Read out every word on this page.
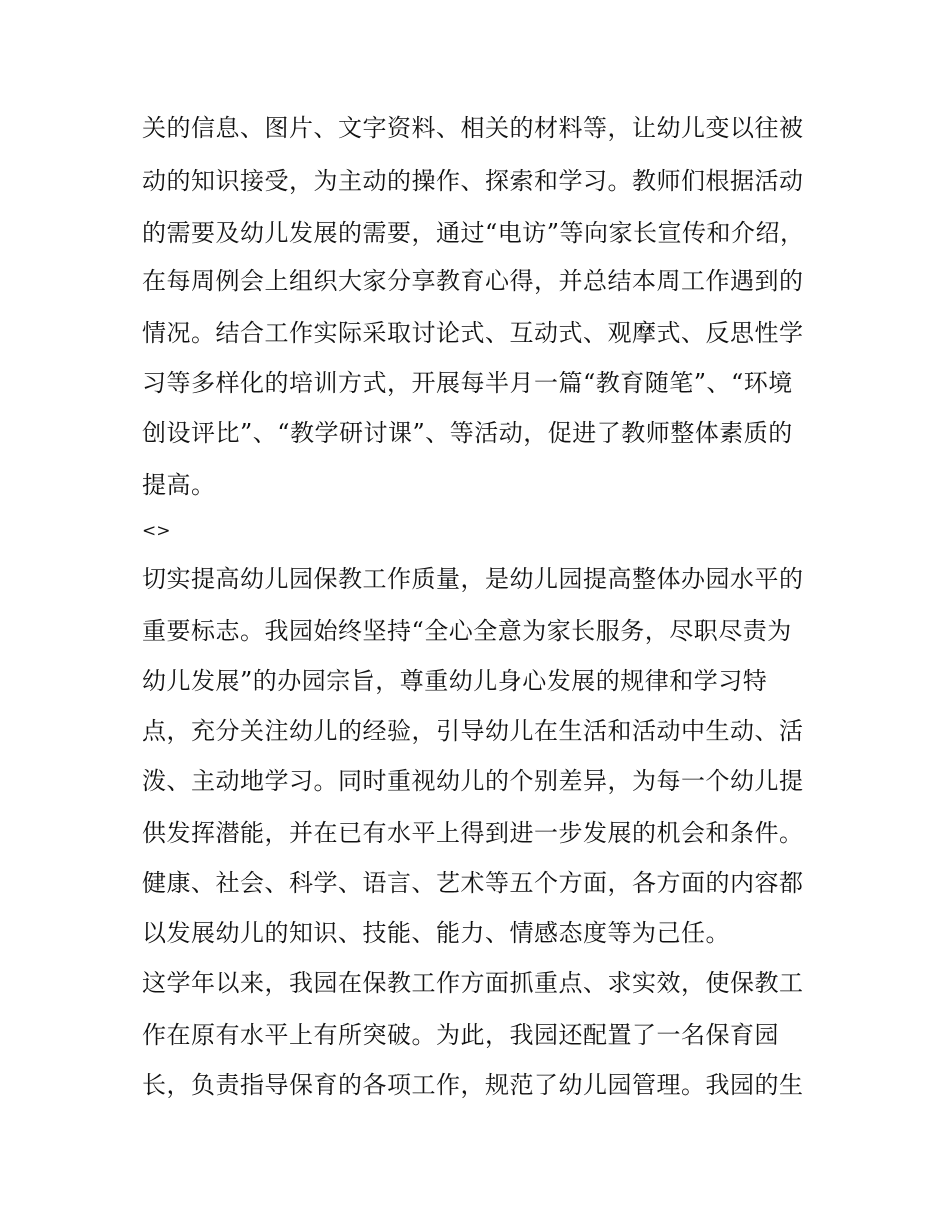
关的信息、图片、文字资料、相关的材料等，让幼儿变以往被
动的知识接受，为主动的操作、探索和学习。教师们根据活动
的需要及幼儿发展的需要，通过“电访”等向家长宣传和介绍，
在每周例会上组织大家分享教育心得，并总结本周工作遇到的
情况。结合工作实际采取讨论式、互动式、观摩式、反思性学
习等多样化的培训方式，开展每半月一篇“教育随笔”、“环境
创设评比”、“教学研讨课”、等活动，促进了教师整体素质的
提高。
<>
切实提高幼儿园保教工作质量，是幼儿园提高整体办园水平的
重要标志。我园始终坚持“全心全意为家长服务，尽职尽责为
幼儿发展”的办园宗旨，尊重幼儿身心发展的规律和学习特
点，充分关注幼儿的经验，引导幼儿在生活和活动中生动、活
泼、主动地学习。同时重视幼儿的个别差异，为每一个幼儿提
供发挥潜能，并在已有水平上得到进一步发展的机会和条件。
健康、社会、科学、语言、艺术等五个方面，各方面的内容都
以发展幼儿的知识、技能、能力、情感态度等为己任。
这学年以来，我园在保教工作方面抓重点、求实效，使保教工
作在原有水平上有所突破。为此，我园还配置了一名保育园
长，负责指导保育的各项工作，规范了幼儿园管理。我园的生
